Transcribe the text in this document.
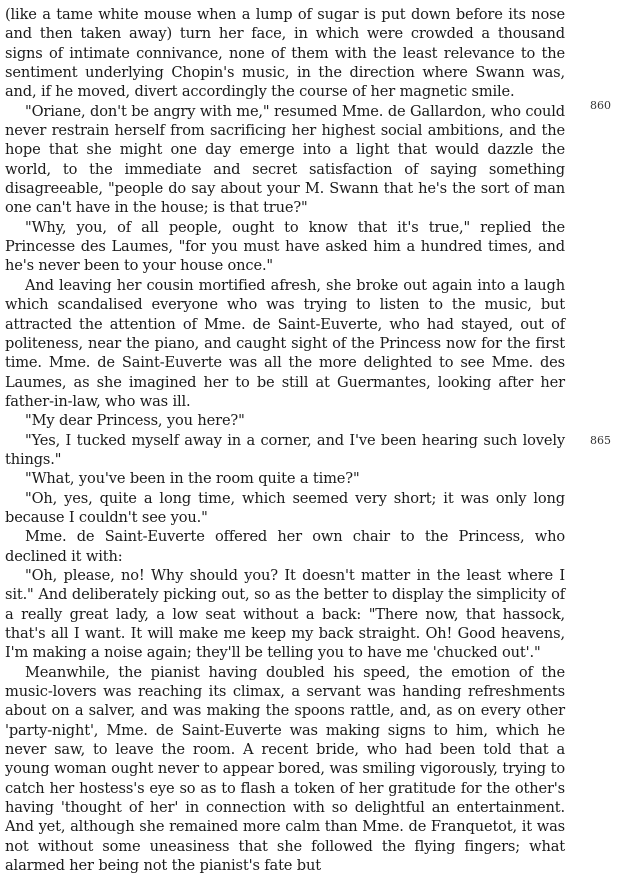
(like a tame white mouse when a lump of sugar is put down before its nose and then taken away) turn her face, in which were crowded a thousand signs of intimate connivance, none of them with the least relevance to the sentiment underlying Chopin's music, in the direction where Swann was, and, if he moved, divert accordingly the course of her magnetic smile.

"Oriane, don't be angry with me," resumed Mme. de Gallardon, who could never restrain herself from sacrificing her highest social ambitions, and the hope that she might one day emerge into a light that would dazzle the world, to the immediate and secret satisfaction of saying something disagreeable, "people do say about your M. Swann that he's the sort of man one can't have in the house; is that true?"

"Why, you, of all people, ought to know that it's true," replied the Princesse des Laumes, "for you must have asked him a hundred times, and he's never been to your house once."

And leaving her cousin mortified afresh, she broke out again into a laugh which scandalised everyone who was trying to listen to the music, but attracted the attention of Mme. de Saint-Euverte, who had stayed, out of politeness, near the piano, and caught sight of the Princess now for the first time. Mme. de Saint-Euverte was all the more delighted to see Mme. des Laumes, as she imagined her to be still at Guermantes, looking after her father-in-law, who was ill.

"My dear Princess, you here?"

"Yes, I tucked myself away in a corner, and I've been hearing such lovely things."

"What, you've been in the room quite a time?"

"Oh, yes, quite a long time, which seemed very short; it was only long because I couldn't see you."

Mme. de Saint-Euverte offered her own chair to the Princess, who declined it with:

"Oh, please, no! Why should you? It doesn't matter in the least where I sit." And deliberately picking out, so as the better to display the simplicity of a really great lady, a low seat without a back: "There now, that hassock, that's all I want. It will make me keep my back straight. Oh! Good heavens, I'm making a noise again; they'll be telling you to have me 'chucked out'."

Meanwhile, the pianist having doubled his speed, the emotion of the music-lovers was reaching its climax, a servant was handing refreshments about on a salver, and was making the spoons rattle, and, as on every other 'party-night', Mme. de Saint-Euverte was making signs to him, which he never saw, to leave the room. A recent bride, who had been told that a young woman ought never to appear bored, was smiling vigorously, trying to catch her hostess's eye so as to flash a token of her gratitude for the other's having 'thought of her' in connection with so delightful an entertainment. And yet, although she remained more calm than Mme. de Franquetot, it was not without some uneasiness that she followed the flying fingers; what alarmed her being not the pianist's fate but

860
865
